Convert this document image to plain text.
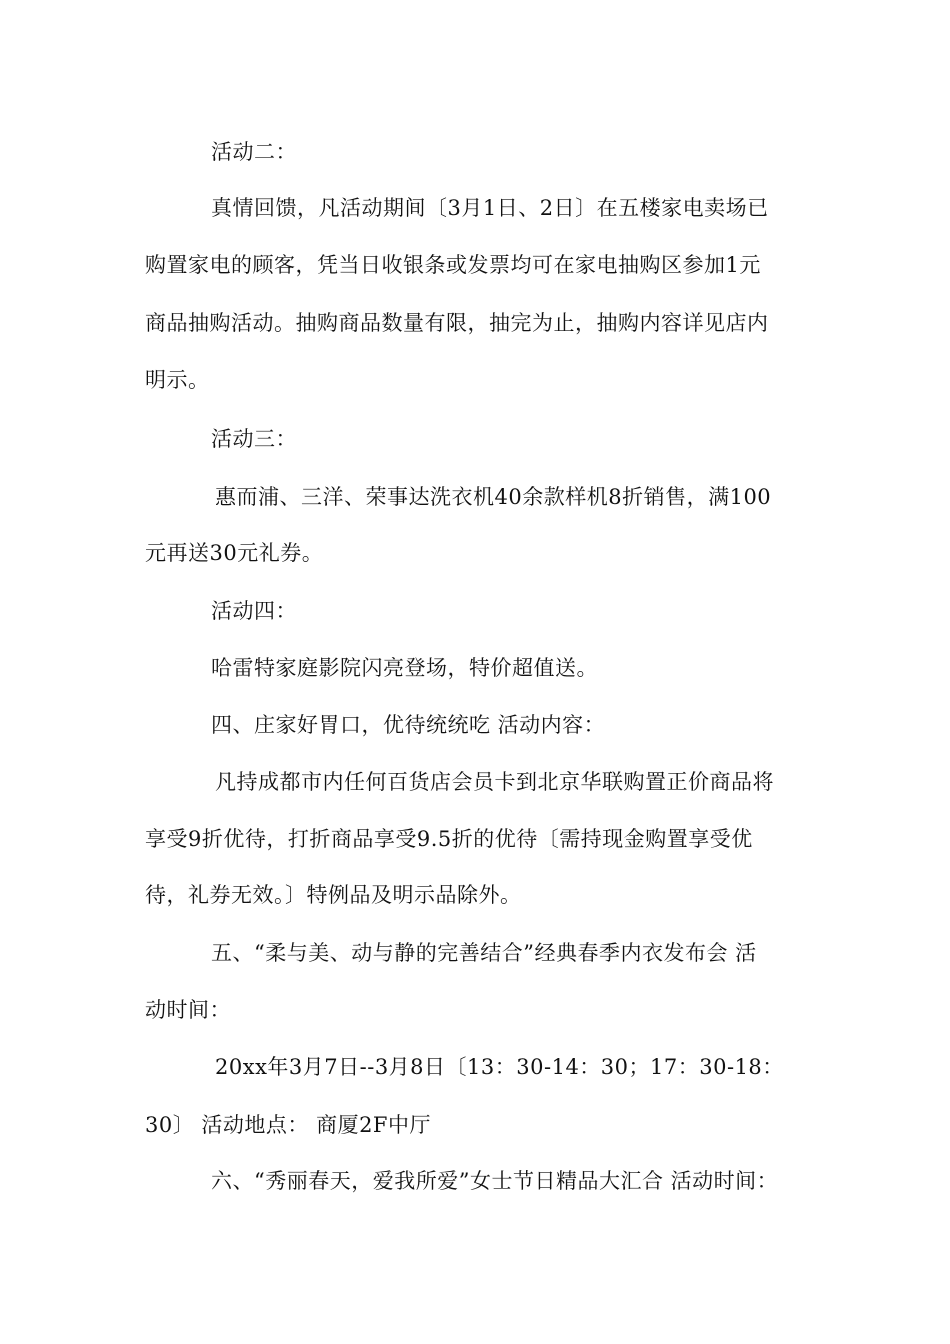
活动二：
真情回馈，凡活动期间〔3月1日、2日〕在五楼家电卖场已
购置家电的顾客，凭当日收银条或发票均可在家电抽购区参加1元
商品抽购活动。抽购商品数量有限，抽完为止，抽购内容详见店内
明示。
活动三：
惠而浦、三洋、荣事达洗衣机40余款样机8折销售，满100
元再送30元礼券。
活动四：
哈雷特家庭影院闪亮登场，特价超值送。
四、庄家好胃口，优待统统吃 活动内容：
凡持成都市内任何百货店会员卡到北京华联购置正价商品将
享受9折优待，打折商品享受9.5折的优待〔需持现金购置享受优
待，礼券无效。〕特例品及明示品除外。
五、“柔与美、动与静的完善结合”经典春季内衣发布会 活
动时间：
20xx年3月7日--3月8日〔13：30-14：30；17：30-18：
30〕 活动地点： 商厦2F中厅
六、“秀丽春天，爱我所爱”女士节日精品大汇合 活动时间：
